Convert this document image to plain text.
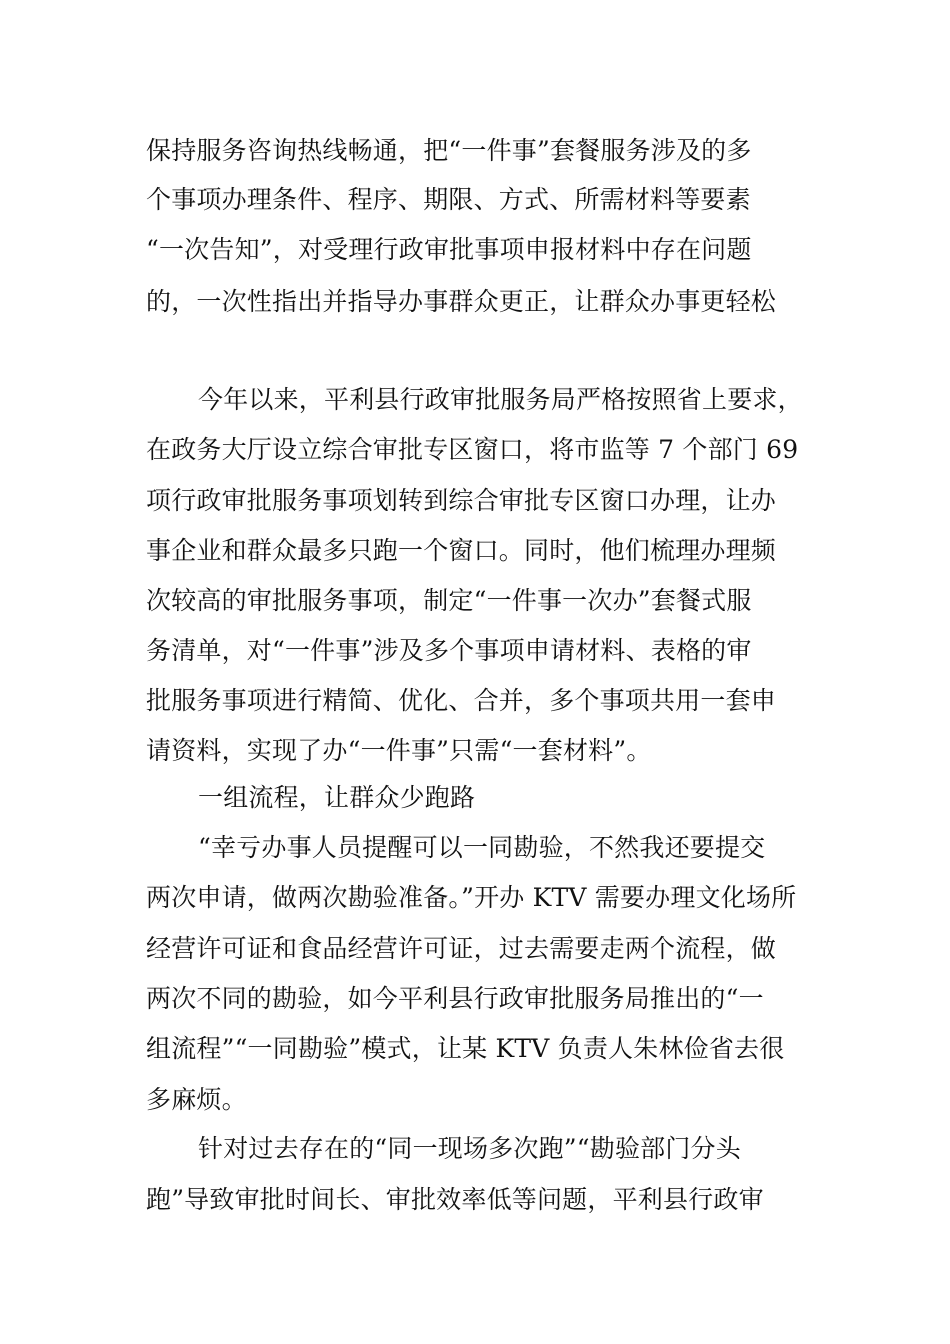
保持服务咨询热线畅通，把“一件事”套餐服务涉及的多
个事项办理条件、程序、期限、方式、所需材料等要素
“一次告知”，对受理行政审批事项申报材料中存在问题
的，一次性指出并指导办事群众更正，让群众办事更轻松
今年以来，平利县行政审批服务局严格按照省上要求，
在政务大厅设立综合审批专区窗口，将市监等 7 个部门 69
项行政审批服务事项划转到综合审批专区窗口办理，让办
事企业和群众最多只跑一个窗口。同时，他们梳理办理频
次较高的审批服务事项，制定“一件事一次办”套餐式服
务清单，对“一件事”涉及多个事项申请材料、表格的审
批服务事项进行精简、优化、合并，多个事项共用一套申
请资料，实现了办“一件事”只需“一套材料”。
一组流程，让群众少跑路
“幸亏办事人员提醒可以一同勘验，不然我还要提交
两次申请，做两次勘验准备。”开办 KTV 需要办理文化场所
经营许可证和食品经营许可证，过去需要走两个流程，做
两次不同的勘验，如今平利县行政审批服务局推出的“一
组流程”“一同勘验”模式，让某 KTV 负责人朱林俭省去很
多麻烦。
针对过去存在的“同一现场多次跑”“勘验部门分头
跑”导致审批时间长、审批效率低等问题，平利县行政审
